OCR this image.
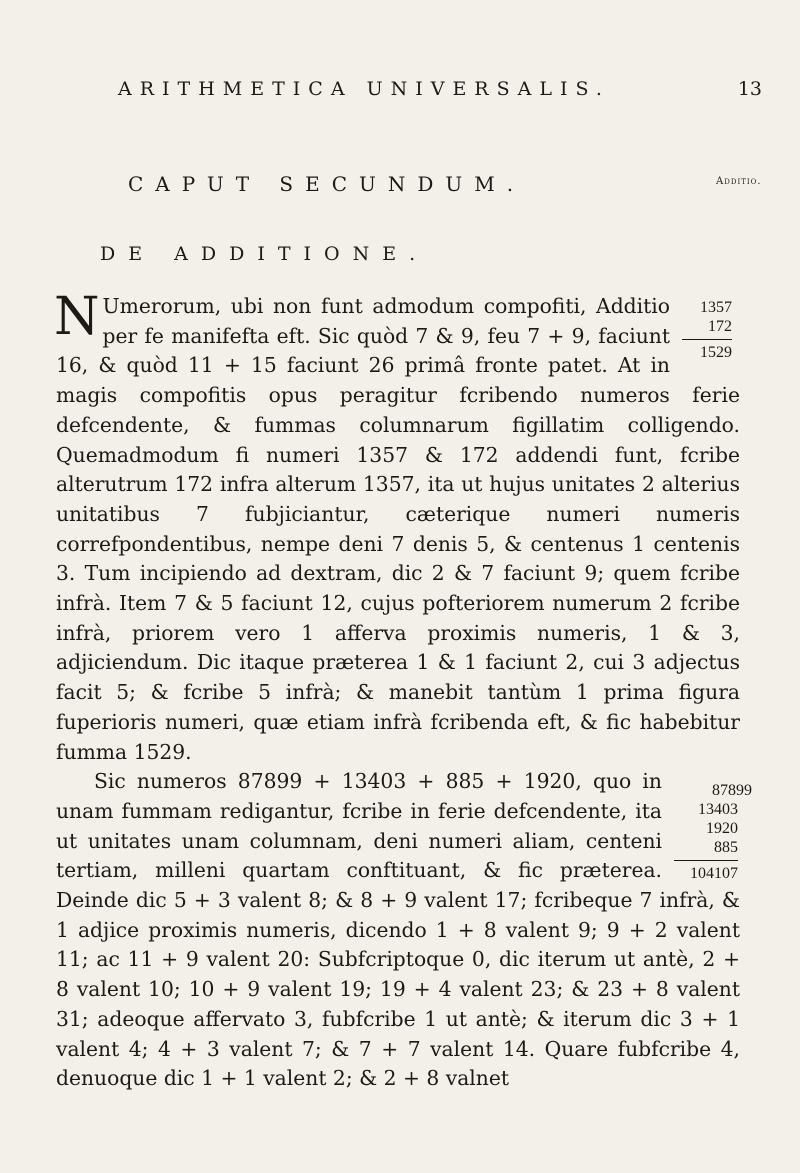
ARITHMETICA UNIVERSALIS.	13
Additio.
CAPUT SECUNDUM.
DE ADDITIONE.

N	1357
172
1529
Umerorum, ubi non funt admodum compofiti, Additio per fe manifefta eft. Sic quòd 7 & 9, feu 7 + 9, faciunt 16, & quòd 11 + 15 faciunt 26 primâ fronte patet. At in magis compofitis opus peragitur fcribendo numeros ferie defcendente, & fummas columnarum figillatim colligendo. Quemadmodum fi numeri 1357 & 172 addendi funt, fcribe alterutrum 172 infra alterum 1357, ita ut hujus unitates 2 alterius unitatibus 7 fubjiciantur, cæterique numeri numeris correfpondentibus, nempe deni 7 denis 5, & centenus 1 centenis 3. Tum incipiendo ad dextram, dic 2 & 7 faciunt 9; quem fcribe infrà. Item 7 & 5 faciunt 12, cujus pofteriorem numerum 2 fcribe infrà, priorem vero 1 afferva proximis numeris, 1 & 3, adjiciendum. Dic itaque præterea 1 & 1 faciunt 2, cui 3 adjectus facit 5; & fcribe 5 infrà; & manebit tantùm 1 prima figura fuperioris numeri, quæ etiam infrà fcribenda eft, & fic habebitur fumma 1529.

87899
13403
1920
885
104107
Sic numeros 87899 + 13403 + 885 + 1920, quo in unam fummam redigantur, fcribe in ferie defcendente, ita ut unitates unam columnam, deni numeri aliam, centeni tertiam, milleni quartam conftituant, & fic præterea. Deinde dic 5 + 3 valent 8; & 8 + 9 valent 17; fcribeque 7 infrà, & 1 adjice proximis numeris, dicendo 1 + 8 valent 9; 9 + 2 valent 11; ac 11 + 9 valent 20: Subfcriptoque 0, dic iterum ut antè, 2 + 8 valent 10; 10 + 9 valent 19; 19 + 4 valent 23; & 23 + 8 valent 31; adeoque affervato 3, fubfcribe 1 ut antè; & iterum dic 3 + 1 valent 4; 4 + 3 valent 7; & 7 + 7 valent 14. Quare fubfcribe 4, denuoque dic 1 + 1 valent 2; & 2 + 8 valnet
